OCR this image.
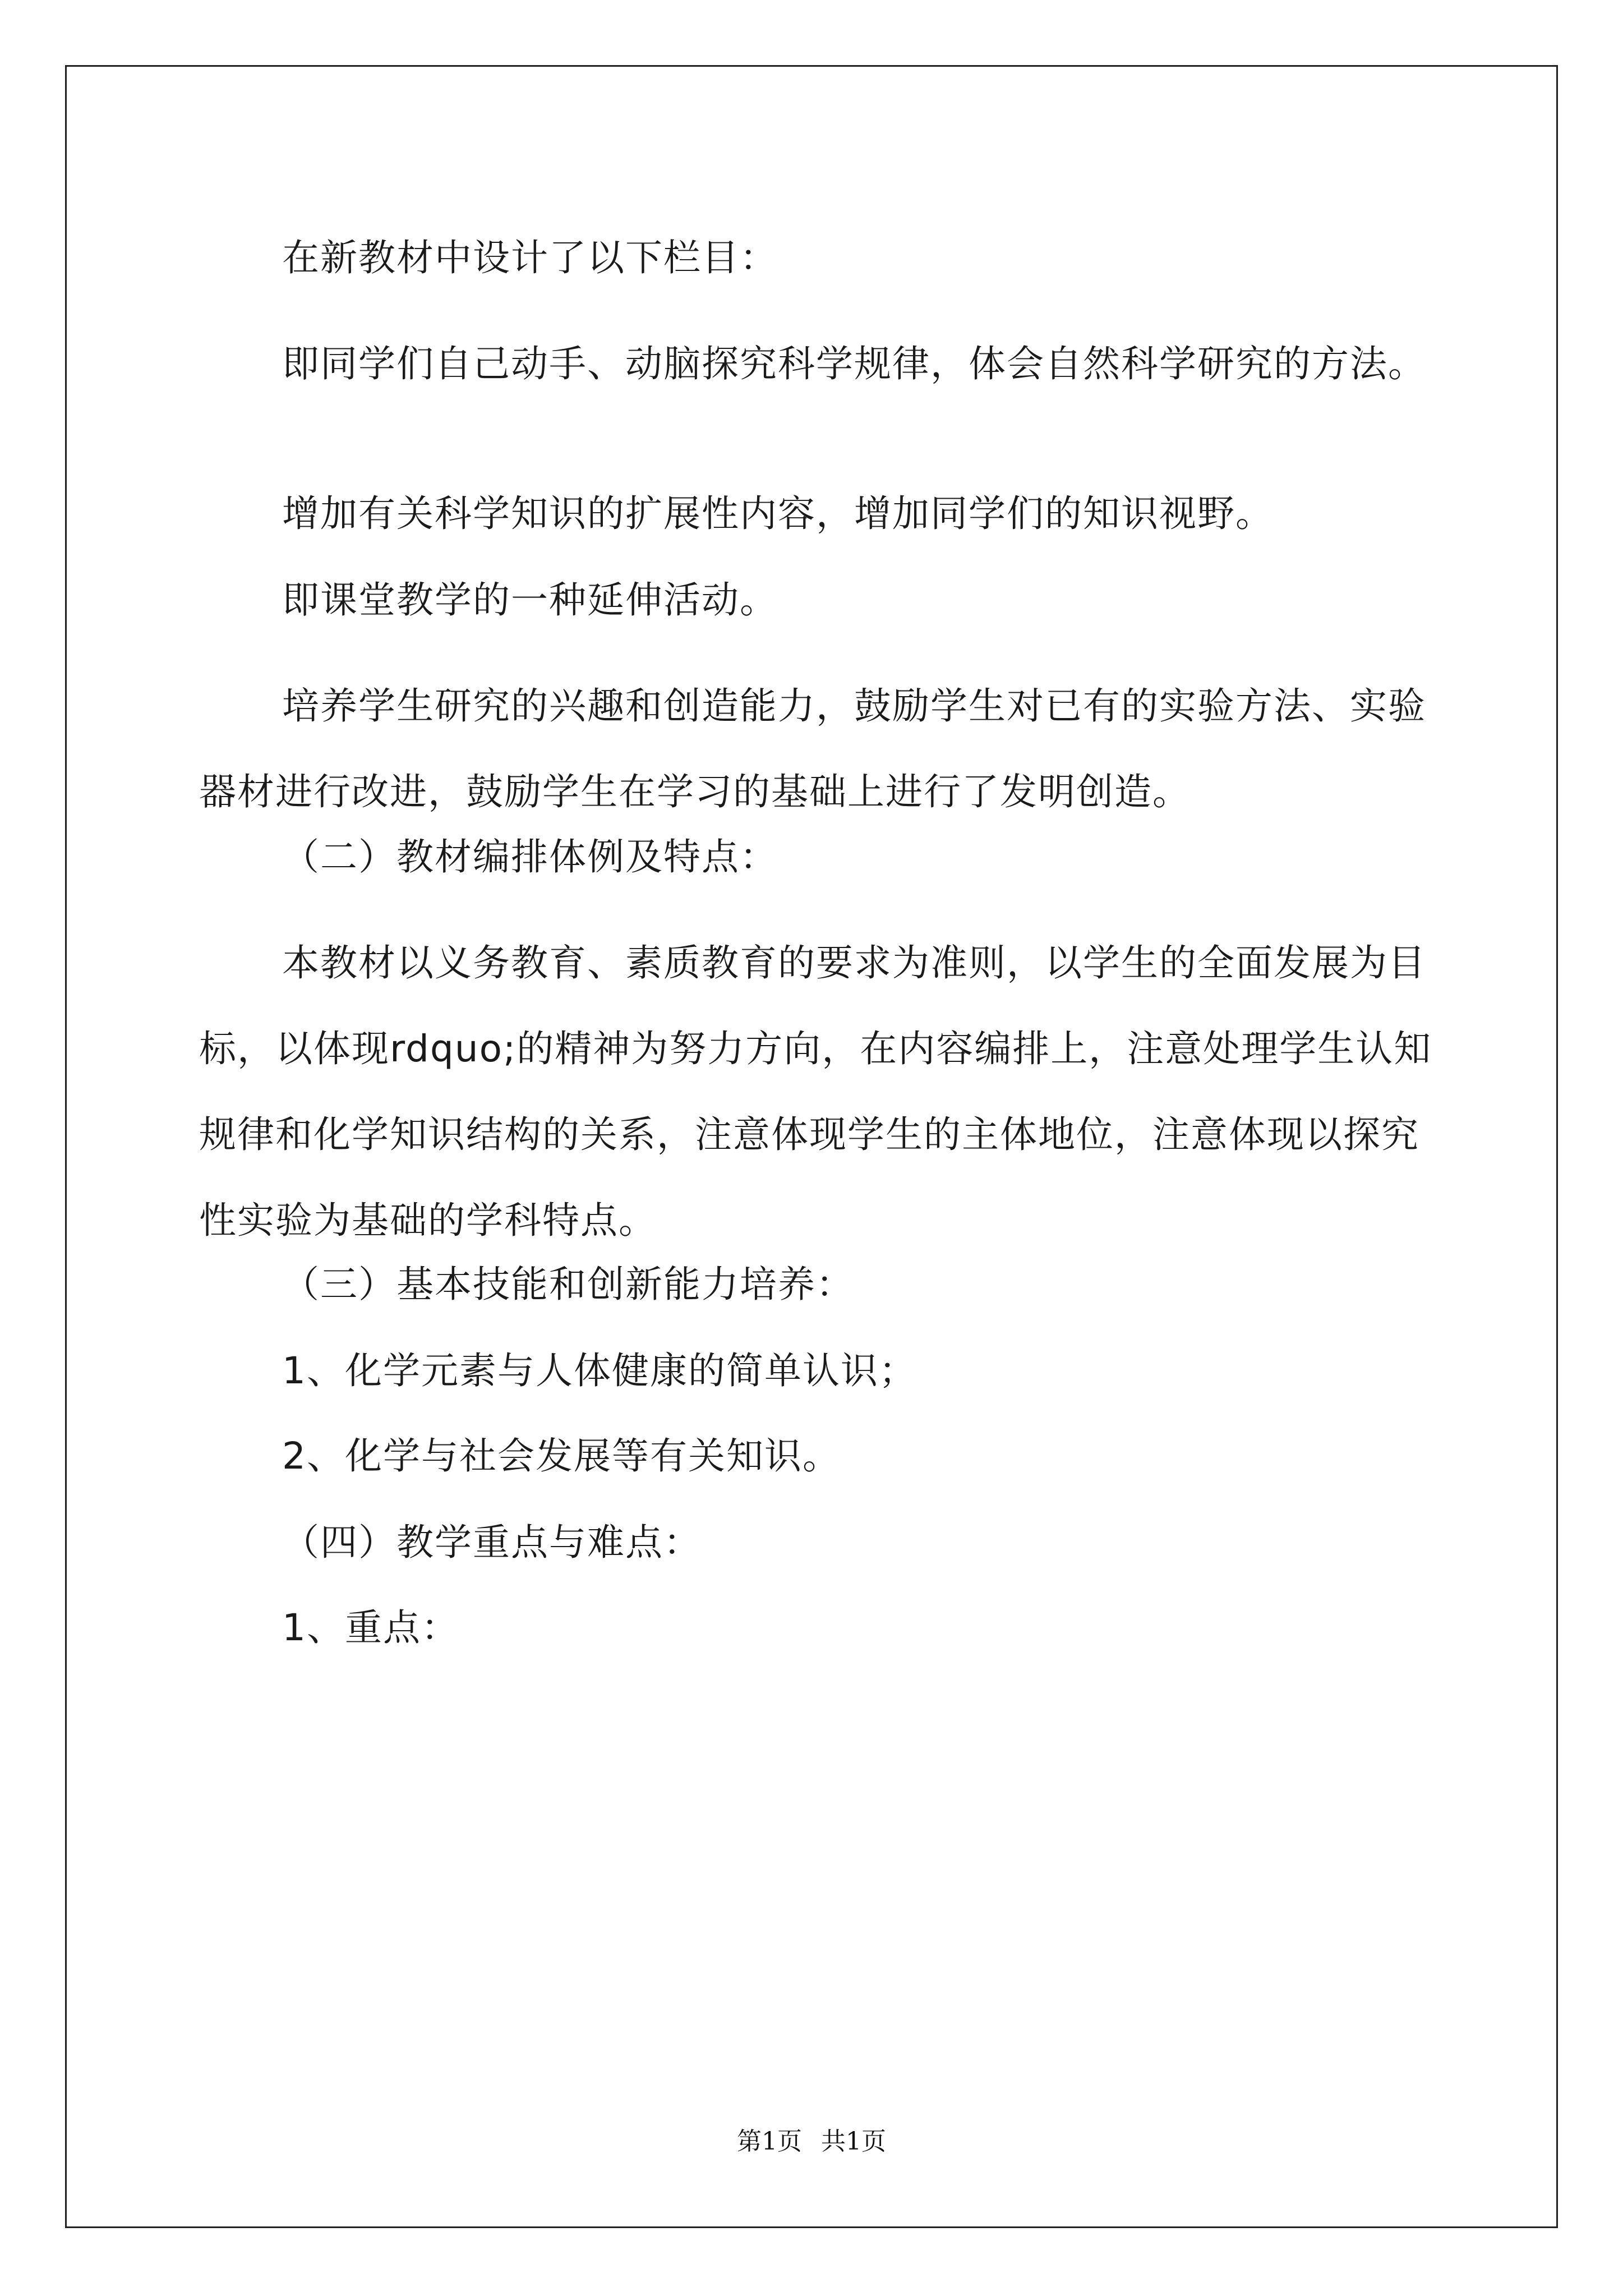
在新教材中设计了以下栏目：

即同学们自己动手、动脑探究科学规律，体会自然科学研究的方法。

增加有关科学知识的扩展性内容，增加同学们的知识视野。

即课堂教学的一种延伸活动。

培养学生研究的兴趣和创造能力，鼓励学生对已有的实验方法、实验器材进行改进，鼓励学生在学习的基础上进行了发明创造。

（二）教材编排体例及特点：

本教材以义务教育、素质教育的要求为准则，以学生的全面发展为目标，以体现rdquo;的精神为努力方向，在内容编排上，注意处理学生认知规律和化学知识结构的关系，注意体现学生的主体地位，注意体现以探究性实验为基础的学科特点。

（三）基本技能和创新能力培养：

1、化学元素与人体健康的简单认识；

2、化学与社会发展等有关知识。

（四）教学重点与难点：

1、重点：

第1页 共1页
